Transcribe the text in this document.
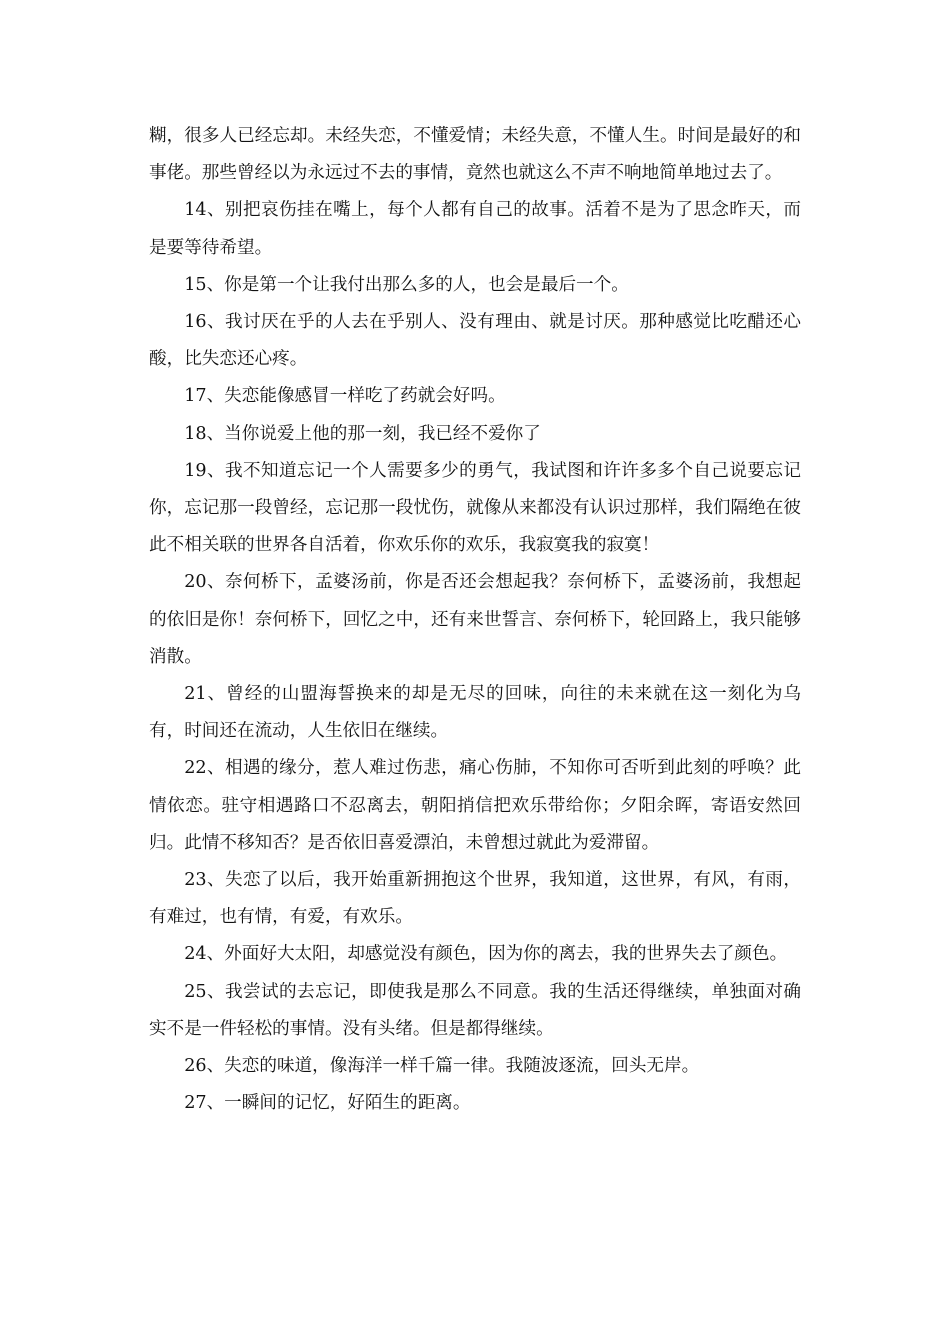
糊，很多人已经忘却。未经失恋，不懂爱情；未经失意，不懂人生。时间是最好的和事佬。那些曾经以为永远过不去的事情，竟然也就这么不声不响地简单地过去了。

14、别把哀伤挂在嘴上，每个人都有自己的故事。活着不是为了思念昨天，而是要等待希望。

15、你是第一个让我付出那么多的人，也会是最后一个。

16、我讨厌在乎的人去在乎别人、没有理由、就是讨厌。那种感觉比吃醋还心酸，比失恋还心疼。

17、失恋能像感冒一样吃了药就会好吗。

18、当你说爱上他的那一刻，我已经不爱你了

19、我不知道忘记一个人需要多少的勇气，我试图和许许多多个自己说要忘记你，忘记那一段曾经，忘记那一段忧伤，就像从来都没有认识过那样，我们隔绝在彼此不相关联的世界各自活着，你欢乐你的欢乐，我寂寞我的寂寞！

20、奈何桥下，孟婆汤前，你是否还会想起我？奈何桥下，孟婆汤前，我想起的依旧是你！奈何桥下，回忆之中，还有来世誓言、奈何桥下，轮回路上，我只能够消散。

21、曾经的山盟海誓换来的却是无尽的回味，向往的未来就在这一刻化为乌有，时间还在流动，人生依旧在继续。

22、相遇的缘分，惹人难过伤悲，痛心伤肺，不知你可否听到此刻的呼唤？此情依恋。驻守相遇路口不忍离去，朝阳捎信把欢乐带给你；夕阳余晖，寄语安然回归。此情不移知否？是否依旧喜爱漂泊，未曾想过就此为爱滞留。

23、失恋了以后，我开始重新拥抱这个世界，我知道，这世界，有风，有雨，有难过，也有情，有爱，有欢乐。

24、外面好大太阳，却感觉没有颜色，因为你的离去，我的世界失去了颜色。

25、我尝试的去忘记，即使我是那么不同意。我的生活还得继续，单独面对确实不是一件轻松的事情。没有头绪。但是都得继续。

26、失恋的味道，像海洋一样千篇一律。我随波逐流，回头无岸。

27、一瞬间的记忆，好陌生的距离。
